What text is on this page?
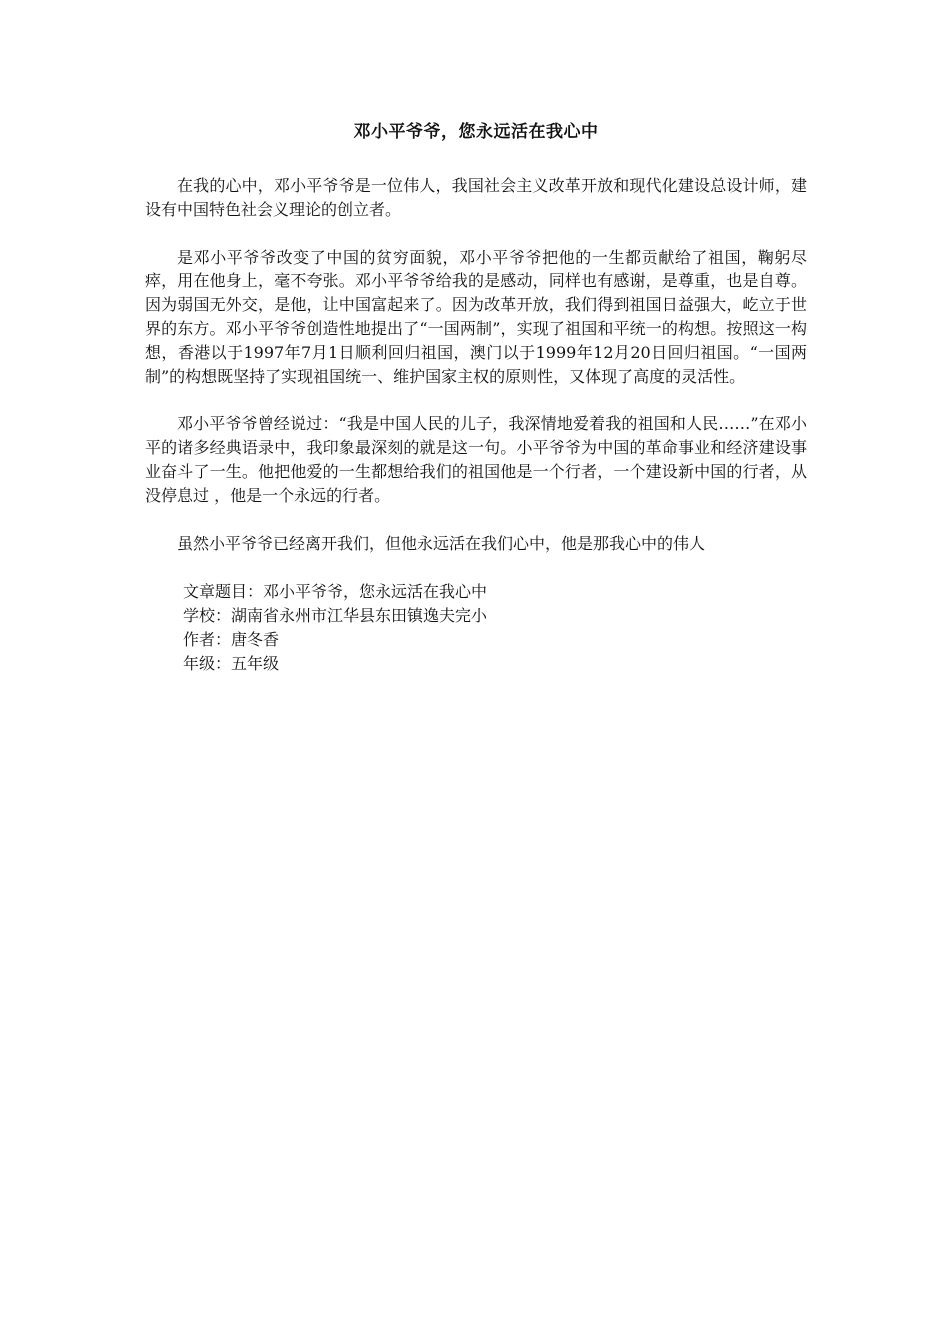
邓小平爷爷，您永远活在我心中

在我的心中，邓小平爷爷是一位伟人，我国社会主义改革开放和现代化建设总设计师，建设有中国特色社会义理论的创立者。

是邓小平爷爷改变了中国的贫穷面貌，邓小平爷爷把他的一生都贡献给了祖国，鞠躬尽瘁，用在他身上，毫不夸张。邓小平爷爷给我的是感动，同样也有感谢，是尊重，也是自尊。因为弱国无外交，是他，让中国富起来了。因为改革开放，我们得到祖国日益强大，屹立于世界的东方。邓小平爷爷创造性地提出了“一国两制”，实现了祖国和平统一的构想。按照这一构想，香港以于1997年7月1日顺利回归祖国，澳门以于1999年12月20日回归祖国。“一国两制”的构想既坚持了实现祖国统一、维护国家主权的原则性，又体现了高度的灵活性。

邓小平爷爷曾经说过：“我是中国人民的儿子，我深情地爱着我的祖国和人民……”在邓小平的诸多经典语录中，我印象最深刻的就是这一句。小平爷爷为中国的革命事业和经济建设事业奋斗了一生。他把他爱的一生都想给我们的祖国他是一个行者，一个建设新中国的行者，从没停息过 ，他是一个永远的行者。

虽然小平爷爷已经离开我们，但他永远活在我们心中，他是那我心中的伟人

文章题目：邓小平爷爷，您永远活在我心中
学校：湖南省永州市江华县东田镇逸夫完小
作者：唐冬香
年级：五年级
